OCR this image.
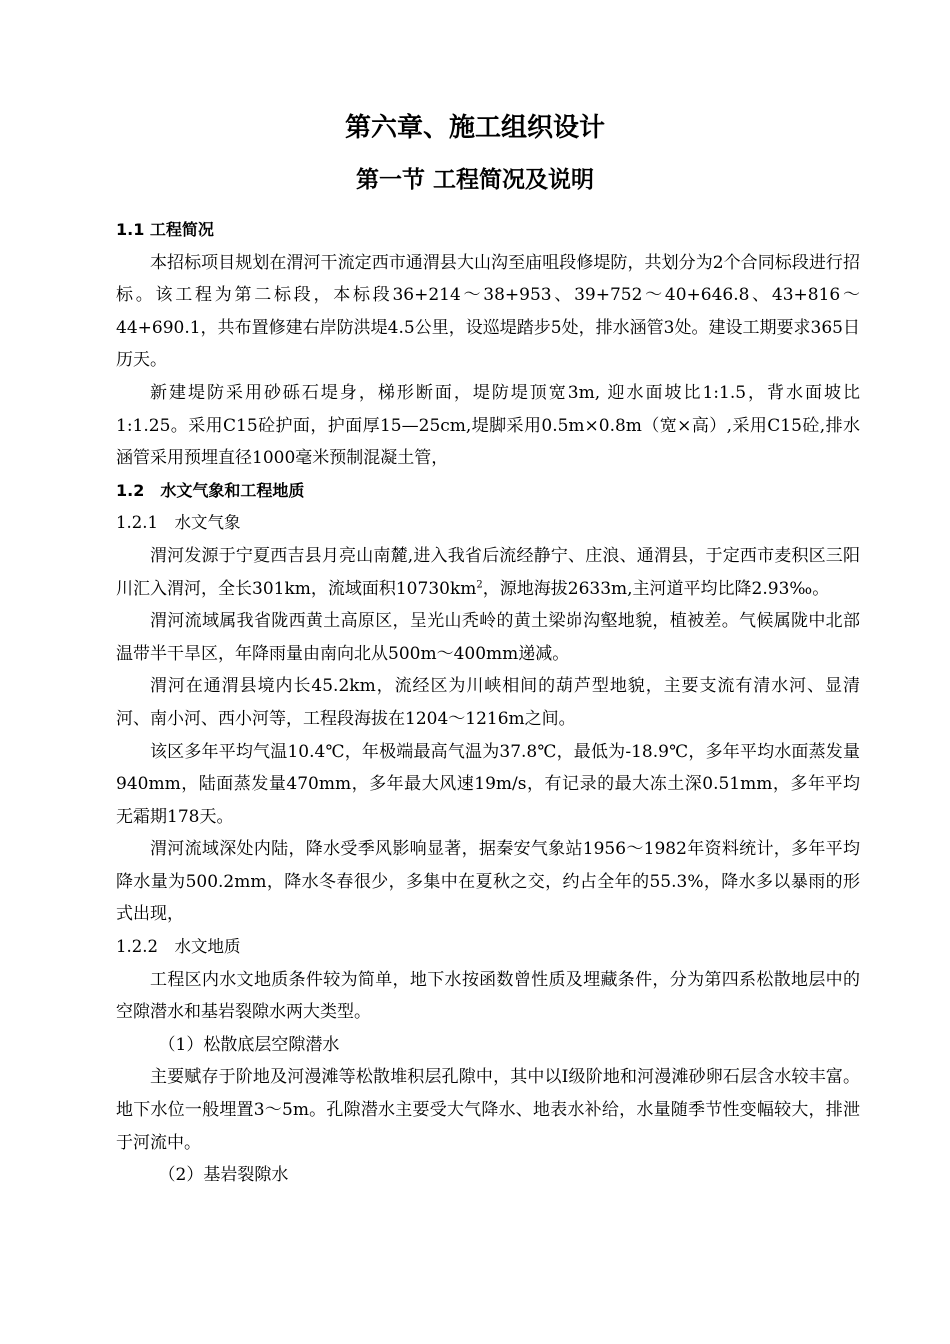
第六章、施工组织设计
第一节 工程简况及说明
1.1 工程简况

本招标项目规划在渭河干流定西市通渭县大山沟至庙咀段修堤防，共划分为2个合同标段进行招标。该工程为第二标段，本标段36+214～38+953、39+752～40+646.8、43+816～44+690.1，共布置修建右岸防洪堤4.5公里，设巡堤踏步5处，排水涵管3处。建设工期要求365日历天。

新建堤防采用砂砾石堤身，梯形断面，堤防堤顶宽3m, 迎水面坡比1:1.5，背水面坡比1:1.25。采用C15砼护面，护面厚15—25cm,堤脚采用0.5m×0.8m（宽×高）,采用C15砼,排水涵管采用预埋直径1000毫米预制混凝土管，

1.2　水文气象和工程地质
1.2.1　水文气象

渭河发源于宁夏西吉县月亮山南麓,进入我省后流经静宁、庄浪、通渭县，于定西市麦积区三阳川汇入渭河，全长301km，流域面积$10730km^2$，源地海拔2633m,主河道平均比降2.93‰。

渭河流域属我省陇西黄土高原区，呈光山秃岭的黄土梁峁沟壑地貌，植被差。气候属陇中北部温带半干旱区，年降雨量由南向北从500m～400mm递减。

渭河在通渭县境内长45.2km，流经区为川峡相间的葫芦型地貌，主要支流有清水河、显清河、南小河、西小河等，工程段海拔在1204～1216m之间。

该区多年平均气温10.4℃，年极端最高气温为37.8℃，最低为-18.9℃，多年平均水面蒸发量940mm，陆面蒸发量470mm，多年最大风速19m/s，有记录的最大冻土深0.51mm，多年平均无霜期178天。

渭河流域深处内陆，降水受季风影响显著，据秦安气象站1956～1982年资料统计，多年平均降水量为500.2mm，降水冬春很少，多集中在夏秋之交，约占全年的55.3%，降水多以暴雨的形式出现，

1.2.2　水文地质

工程区内水文地质条件较为简单，地下水按函数曾性质及埋藏条件，分为第四系松散地层中的空隙潜水和基岩裂隙水两大类型。

（1）松散底层空隙潜水

主要赋存于阶地及河漫滩等松散堆积层孔隙中，其中以Ⅰ级阶地和河漫滩砂卵石层含水较丰富。地下水位一般埋置3～5m。孔隙潜水主要受大气降水、地表水补给，水量随季节性变幅较大，排泄于河流中。

（2）基岩裂隙水
